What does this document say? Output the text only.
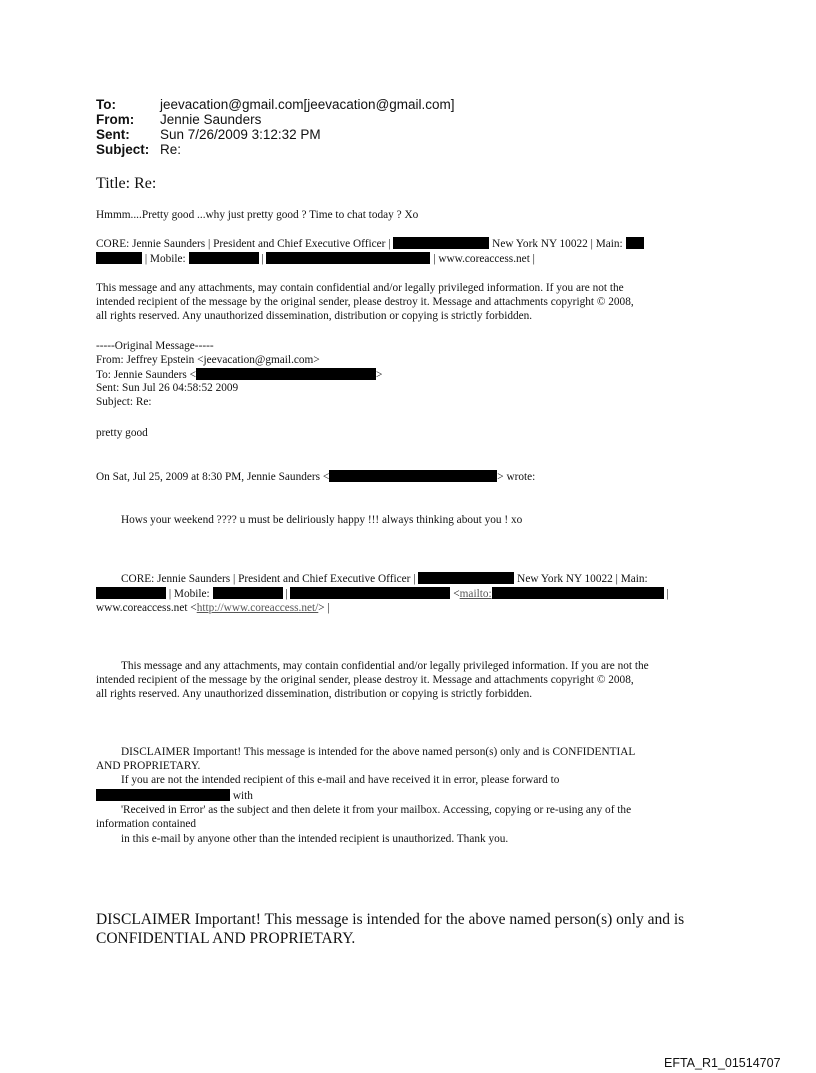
To:	jeevacation@gmail.com[jeevacation@gmail.com]
From: Jennie Saunders
Sent: Sun 7/26/2009 3:12:32 PM
Subject: Re:
Title: Re:
Hmmm....Pretty good ...why just pretty good ? Time to chat today ? Xo
CORE: Jennie Saunders | President and Chief Executive Officer |	New York NY 10022 | Main:
| Mobile:	|	| www.coreaccess.net |
This message and any attachments, may contain confidential and/or legally privileged information. If you are not the
intended recipient of the message by the original sender, please destroy it. Message and attachments copyright © 2008,
all rights reserved. Any unauthorized dissemination, distribution or copying is strictly forbidden.
-----Original Message-----
From: Jeffrey Epstein <jeevacation@gmail.com>
To: Jennie Saunders <	>
Sent: Sun Jul 26 04:58:52 2009
Subject: Re:
pretty good
On Sat, Jul 25, 2009 at 8:30 PM, Jennie Saunders <	> wrote:
Hows your weekend ???? u must be deliriously happy !!! always thinking about you ! xo
CORE: Jennie Saunders | President and Chief Executive Officer |	New York NY 10022 | Main:
| Mobile:	|	<mailto:	|
www.coreaccess.net <http://www.coreaccess.net/> |
This message and any attachments, may contain confidential and/or legally privileged information. If you are not the
intended recipient of the message by the original sender, please destroy it. Message and attachments copyright © 2008,
all rights reserved. Any unauthorized dissemination, distribution or copying is strictly forbidden.
DISCLAIMER Important! This message is intended for the above named person(s) only and is CONFIDENTIAL
AND PROPRIETARY.
If you are not the intended recipient of this e-mail and have received it in error, please forward to
with
'Received in Error' as the subject and then delete it from your mailbox. Accessing, copying or re-using any of the
information contained
in this e-mail by anyone other than the intended recipient is unauthorized. Thank you.
DISCLAIMER Important! This message is intended for the above named person(s) only and is
CONFIDENTIAL AND PROPRIETARY.
EFTA_R1_01514707
